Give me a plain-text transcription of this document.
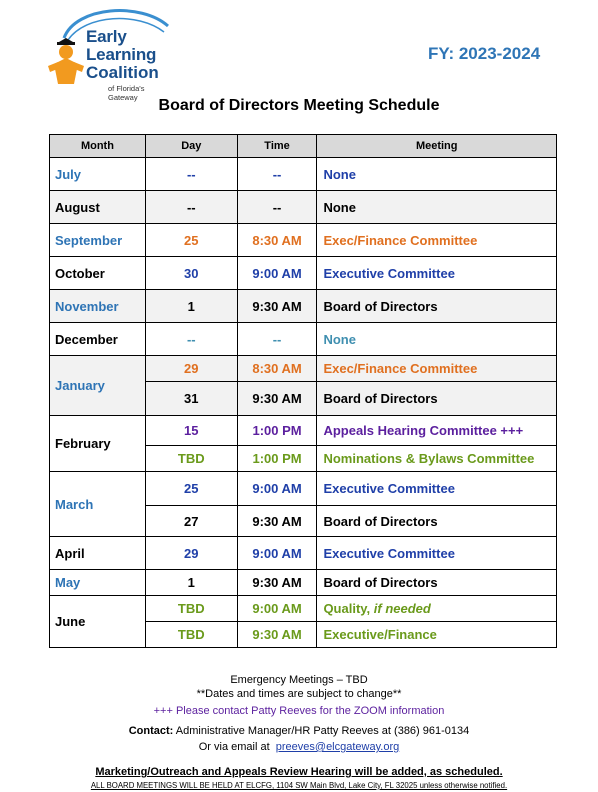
Early
Learning
Coalition
of Florida's Gateway
FY: 2023-2024
Board of Directors Meeting Schedule
Month	Day	Time	Meeting
July	--	--	None
August	--	--	None
September	25	8:30 AM	Exec/Finance Committee
October	30	9:00 AM	Executive Committee
November	1	9:30 AM	Board of Directors
December	--	--	None
January	29	8:30 AM	Exec/Finance Committee
	31	9:30 AM	Board of Directors
February	15	1:00 PM	Appeals Hearing Committee +++
	TBD	1:00 PM	Nominations & Bylaws Committee
March	25	9:00 AM	Executive Committee
	27	9:30 AM	Board of Directors
April	29	9:00 AM	Executive Committee
May	1	9:30 AM	Board of Directors
June	TBD	9:00 AM	Quality, if needed
	TBD	9:30 AM	Executive/Finance
Emergency Meetings – TBD
**Dates and times are subject to change**
+++ Please contact Patty Reeves for the ZOOM information
Contact: Administrative Manager/HR Patty Reeves at (386) 961-0134
Or via email at  preeves@elcgateway.org
Marketing/Outreach and Appeals Review Hearing will be added, as scheduled.
ALL BOARD MEETINGS WILL BE HELD AT ELCFG, 1104 SW Main Blvd, Lake City, FL 32025 unless otherwise notified.
